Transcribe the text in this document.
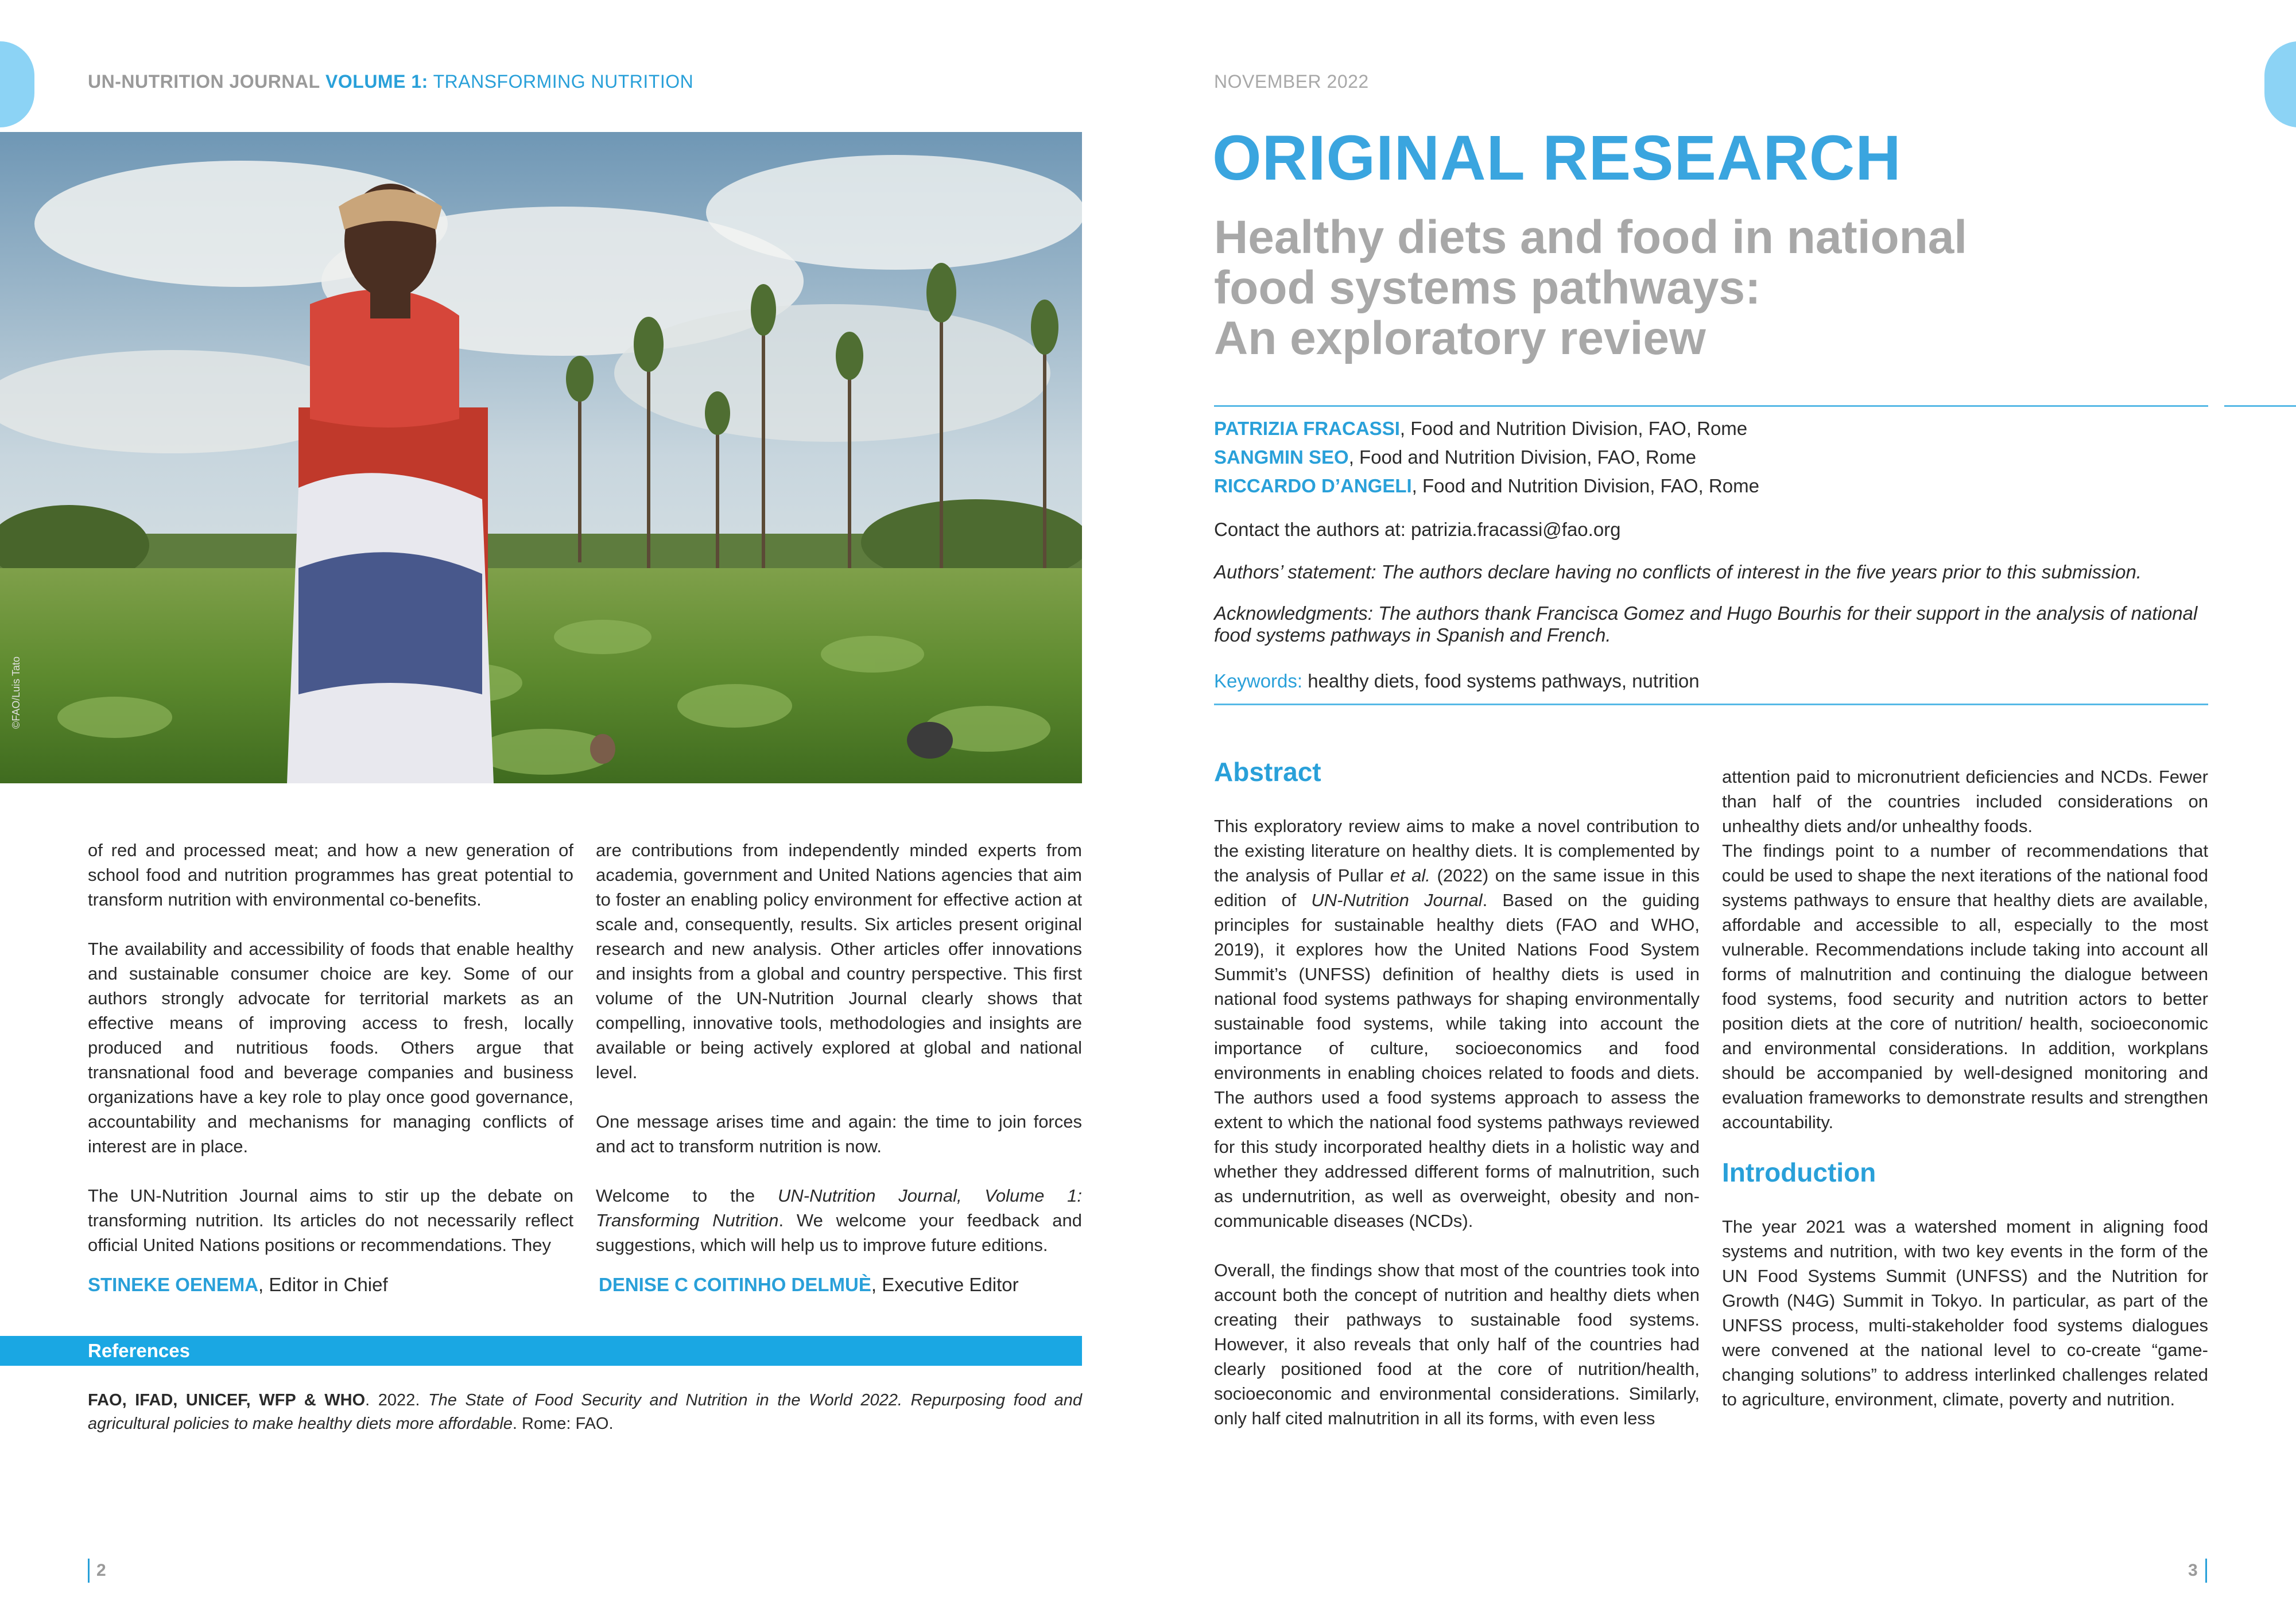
UN-NUTRITION JOURNAL VOLUME 1: TRANSFORMING NUTRITION	NOVEMBER 2022
©FAO/Luis Tato

of red and processed meat; and how a new generation of school food and nutrition programmes has great potential to transform nutrition with environmental co-benefits.

The availability and accessibility of foods that enable healthy and sustainable consumer choice are key. Some of our authors strongly advocate for territorial markets as an effective means of improving access to fresh, locally produced and nutritious foods. Others argue that transnational food and beverage companies and business organizations have a key role to play once good governance, accountability and mechanisms for managing conflicts of interest are in place.

The UN-Nutrition Journal aims to stir up the debate on transforming nutrition. Its articles do not necessarily reflect official United Nations positions or recommendations. They

are contributions from independently minded experts from academia, government and United Nations agencies that aim to foster an enabling policy environment for effective action at scale and, consequently, results. Six articles present original research and new analysis. Other articles offer innovations and insights from a global and country perspective. This first volume of the UN-Nutrition Journal clearly shows that compelling, innovative tools, methodologies and insights are available or being actively explored at global and national level.

One message arises time and again: the time to join forces and act to transform nutrition is now.

Welcome to the UN-Nutrition Journal, Volume 1: Transforming Nutrition. We welcome your feedback and suggestions, which will help us to improve future editions.

STINEKE OENEMA, Editor in Chief	DENISE C COITINHO DELMUÈ, Executive Editor
References
FAO, IFAD, UNICEF, WFP & WHO. 2022. The State of Food Security and Nutrition in the World 2022. Repurposing food and agricultural policies to make healthy diets more affordable. Rome: FAO.
2	3
ORIGINAL RESEARCH
Healthy diets and food in national
food systems pathways:
An exploratory review
PATRIZIA FRACASSI, Food and Nutrition Division, FAO, Rome
SANGMIN SEO, Food and Nutrition Division, FAO, Rome
RICCARDO D’ANGELI, Food and Nutrition Division, FAO, Rome
Contact the authors at: patrizia.fracassi@fao.org
Authors’ statement: The authors declare having no conflicts of interest in the five years prior to this submission.
Acknowledgments: The authors thank Francisca Gomez and Hugo Bourhis for their support in the analysis of national food systems pathways in Spanish and French.
Keywords: healthy diets, food systems pathways, nutrition
Abstract

This exploratory review aims to make a novel contribution to the existing literature on healthy diets. It is complemented by the analysis of Pullar et al. (2022) on the same issue in this edition of UN-Nutrition Journal. Based on the guiding principles for sustainable healthy diets (FAO and WHO, 2019), it explores how the United Nations Food System Summit’s (UNFSS) definition of healthy diets is used in national food systems pathways for shaping environmentally sustainable food systems, while taking into account the importance of culture, socioeconomics and food environments in enabling choices related to foods and diets. The authors used a food systems approach to assess the extent to which the national food systems pathways reviewed for this study incorporated healthy diets in a holistic way and whether they addressed different forms of malnutrition, such as undernutrition, as well as overweight, obesity and non-communicable diseases (NCDs).

Overall, the findings show that most of the countries took into account both the concept of nutrition and healthy diets when creating their pathways to sustainable food systems. However, it also reveals that only half of the countries had clearly positioned food at the core of nutrition/health, socioeconomic and environmental considerations. Similarly, only half cited malnutrition in all its forms, with even less

attention paid to micronutrient deficiencies and NCDs. Fewer than half of the countries included considerations on unhealthy diets and/or unhealthy foods.

The findings point to a number of recommendations that could be used to shape the next iterations of the national food systems pathways to ensure that healthy diets are available, affordable and accessible to all, especially to the most vulnerable. Recommendations include taking into account all forms of malnutrition and continuing the dialogue between food systems, food security and nutrition actors to better position diets at the core of nutrition/ health, socioeconomic and environmental considerations. In addition, workplans should be accompanied by well-designed monitoring and evaluation frameworks to demonstrate results and strengthen accountability.

Introduction

The year 2021 was a watershed moment in aligning food systems and nutrition, with two key events in the form of the UN Food Systems Summit (UNFSS) and the Nutrition for Growth (N4G) Summit in Tokyo. In particular, as part of the UNFSS process, multi-stakeholder food systems dialogues were convened at the national level to co-create “game-changing solutions” to address interlinked challenges related to agriculture, environment, climate, poverty and nutrition.
